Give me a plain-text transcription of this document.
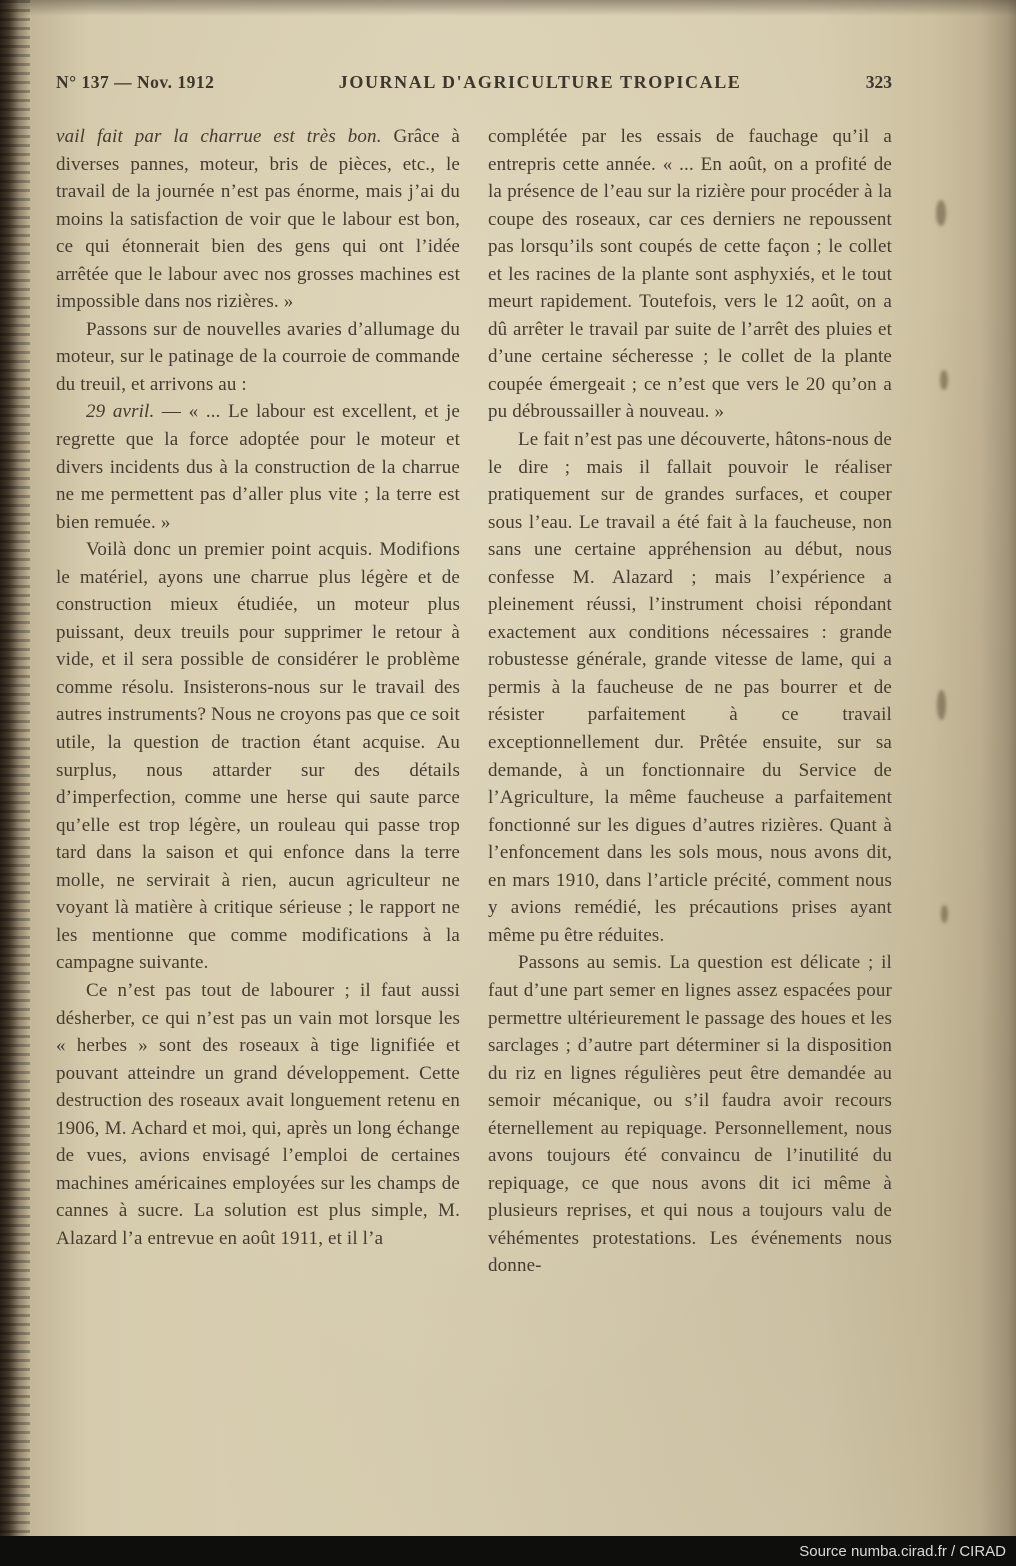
N° 137 — Nov. 1912	JOURNAL D'AGRICULTURE TROPICALE	323

vail fait par la charrue est très bon. Grâce à diverses pannes, moteur, bris de pièces, etc., le travail de la journée n’est pas énorme, mais j’ai du moins la satisfaction de voir que le labour est bon, ce qui étonnerait bien des gens qui ont l’idée arrêtée que le labour avec nos grosses machines est impossible dans nos rizières. »

Passons sur de nouvelles avaries d’allumage du moteur, sur le patinage de la courroie de commande du treuil, et arrivons au :

29 avril. — « ... Le labour est excellent, et je regrette que la force adoptée pour le moteur et divers incidents dus à la construction de la charrue ne me permettent pas d’aller plus vite ; la terre est bien remuée. »

Voilà donc un premier point acquis. Modifions le matériel, ayons une charrue plus légère et de construction mieux étudiée, un moteur plus puissant, deux treuils pour supprimer le retour à vide, et il sera possible de considérer le problème comme résolu. Insisterons-nous sur le travail des autres instruments? Nous ne croyons pas que ce soit utile, la question de traction étant acquise. Au surplus, nous attarder sur des détails d’imperfection, comme une herse qui saute parce qu’elle est trop légère, un rouleau qui passe trop tard dans la saison et qui enfonce dans la terre molle, ne servirait à rien, aucun agriculteur ne voyant là matière à critique sérieuse ; le rapport ne les mentionne que comme modifications à la campagne suivante.

Ce n’est pas tout de labourer ; il faut aussi désherber, ce qui n’est pas un vain mot lorsque les « herbes » sont des roseaux à tige lignifiée et pouvant atteindre un grand développement. Cette destruction des roseaux avait longuement retenu en 1906, M. Achard et moi, qui, après un long échange de vues, avions envisagé l’emploi de certaines machines américaines employées sur les champs de cannes à sucre. La solution est plus simple, M. Alazard l’a entrevue en août 1911, et il l’a

complétée par les essais de fauchage qu’il a entrepris cette année. « ... En août, on a profité de la présence de l’eau sur la rizière pour procéder à la coupe des roseaux, car ces derniers ne repoussent pas lorsqu’ils sont coupés de cette façon ; le collet et les racines de la plante sont asphyxiés, et le tout meurt rapidement. Toutefois, vers le 12 août, on a dû arrêter le travail par suite de l’arrêt des pluies et d’une certaine sécheresse ; le collet de la plante coupée émergeait ; ce n’est que vers le 20 qu’on a pu débroussailler à nouveau. »

Le fait n’est pas une découverte, hâtons-nous de le dire ; mais il fallait pouvoir le réaliser pratiquement sur de grandes surfaces, et couper sous l’eau. Le travail a été fait à la faucheuse, non sans une certaine appréhension au début, nous confesse M. Alazard ; mais l’expérience a pleinement réussi, l’instrument choisi répondant exactement aux conditions nécessaires : grande robustesse générale, grande vitesse de lame, qui a permis à la faucheuse de ne pas bourrer et de résister parfaitement à ce travail exceptionnellement dur. Prêtée ensuite, sur sa demande, à un fonctionnaire du Service de l’Agriculture, la même faucheuse a parfaitement fonctionné sur les digues d’autres rizières. Quant à l’enfoncement dans les sols mous, nous avons dit, en mars 1910, dans l’article précité, comment nous y avions remédié, les précautions prises ayant même pu être réduites.

Passons au semis. La question est délicate ; il faut d’une part semer en lignes assez espacées pour permettre ultérieurement le passage des houes et les sarclages ; d’autre part déterminer si la disposition du riz en lignes régulières peut être demandée au semoir mécanique, ou s’il faudra avoir recours éternellement au repiquage. Personnellement, nous avons toujours été convaincu de l’inutilité du repiquage, ce que nous avons dit ici même à plusieurs reprises, et qui nous a toujours valu de véhémentes protestations. Les événements nous donne-

Source numba.cirad.fr / CIRAD
